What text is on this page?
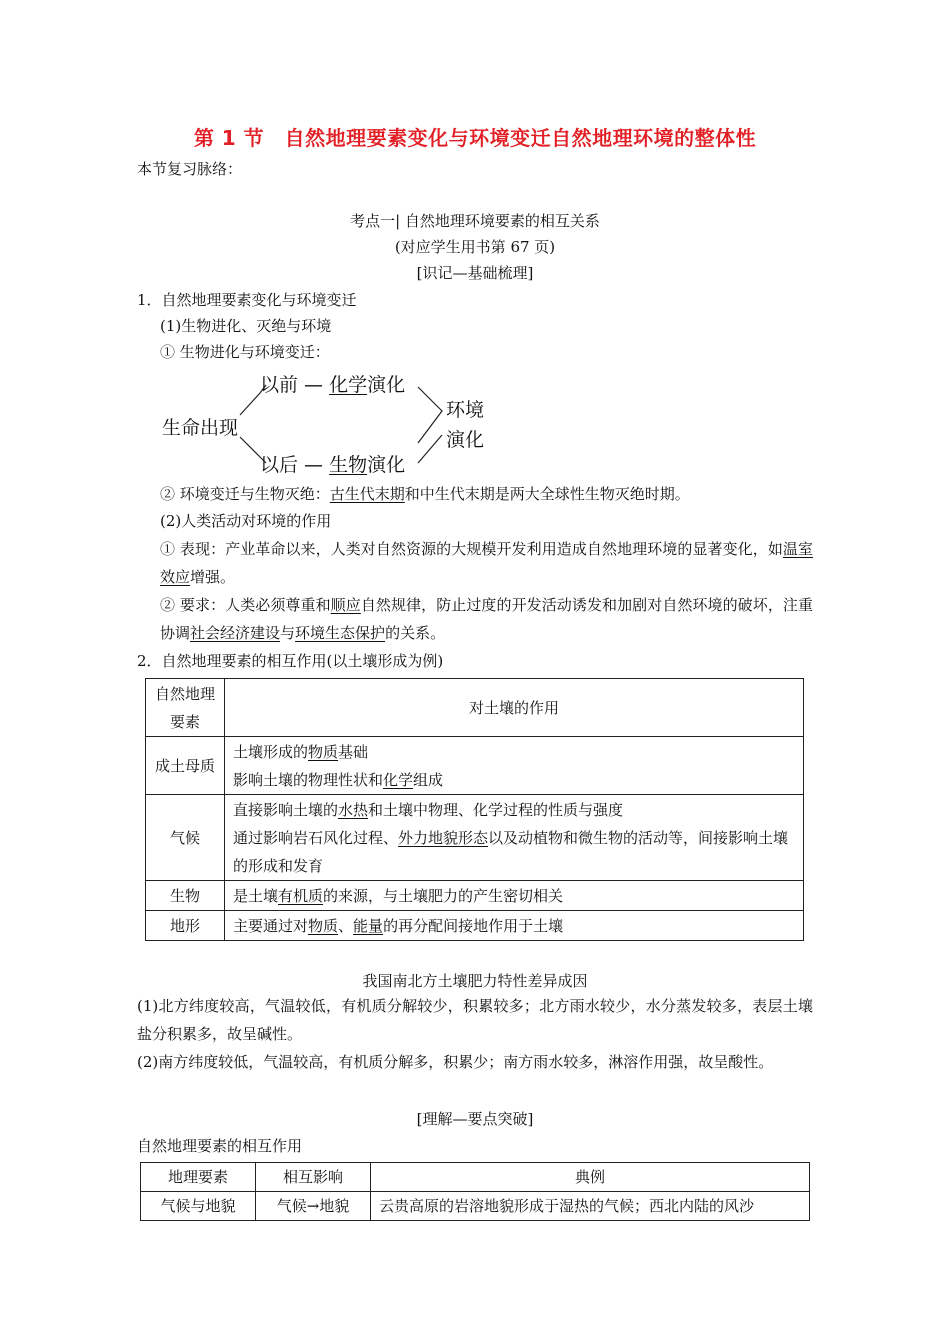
第 1 节　自然地理要素变化与环境变迁自然地理环境的整体性
本节复习脉络：
考点一| 自然地理环境要素的相互关系
(对应学生用书第 67 页)
[识记—基础梳理]
1．自然地理要素变化与环境变迁
(1)生物进化、灭绝与环境
① 生物进化与环境变迁：
生命出现
以前 — 化学演化
以后 — 生物演化
环境
演化
② 环境变迁与生物灭绝：古生代末期和中生代末期是两大全球性生物灭绝时期。
(2)人类活动对环境的作用
① 表现：产业革命以来，人类对自然资源的大规模开发利用造成自然地理环境的显著变化，如温室效应增强。
② 要求：人类必须尊重和顺应自然规律，防止过度的开发活动诱发和加剧对自然环境的破坏，注重协调社会经济建设与环境生态保护的关系。
2．自然地理要素的相互作用(以土壤形成为例)
自然地理要素	对土壤的作用
成土母质	土壤形成的物质基础
影响土壤的物理性状和化学组成

气候	直接影响土壤的水热和土壤中物理、化学过程的性质与强度
通过影响岩石风化过程、外力地貌形态以及动植物和微生物的活动等，间接影响土壤的形成和发育

生物	是土壤有机质的来源，与土壤肥力的产生密切相关
地形	主要通过对物质、能量的再分配间接地作用于土壤
我国南北方土壤肥力特性差异成因
(1)北方纬度较高，气温较低，有机质分解较少，积累较多；北方雨水较少，水分蒸发较多，表层土壤盐分积累多，故呈碱性。
(2)南方纬度较低，气温较高，有机质分解多，积累少；南方雨水较多，淋溶作用强，故呈酸性。
[理解—要点突破]
自然地理要素的相互作用
地理要素	相互影响	典例
气候与地貌	气候→地貌	云贵高原的岩溶地貌形成于湿热的气候；西北内陆的风沙
